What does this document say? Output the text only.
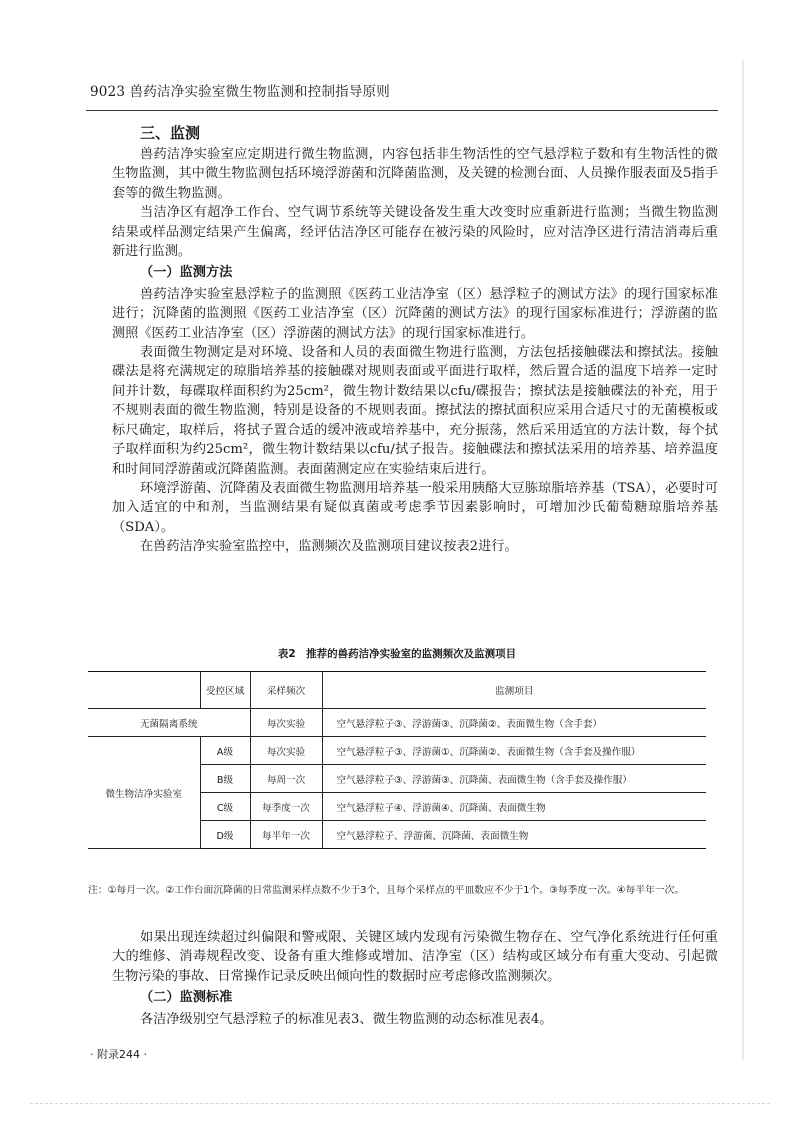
9023 兽药洁净实验室微生物监测和控制指导原则
三、监测

兽药洁净实验室应定期进行微生物监测，内容包括非生物活性的空气悬浮粒子数和有生物活性的微生物监测，其中微生物监测包括环境浮游菌和沉降菌监测，及关键的检测台面、人员操作服表面及5指手套等的微生物监测。

当洁净区有超净工作台、空气调节系统等关键设备发生重大改变时应重新进行监测；当微生物监测结果或样品测定结果产生偏离，经评估洁净区可能存在被污染的风险时，应对洁净区进行清洁消毒后重新进行监测。

（一）监测方法

兽药洁净实验室悬浮粒子的监测照《医药工业洁净室（区）悬浮粒子的测试方法》的现行国家标准进行；沉降菌的监测照《医药工业洁净室（区）沉降菌的测试方法》的现行国家标准进行；浮游菌的监测照《医药工业洁净室（区）浮游菌的测试方法》的现行国家标准进行。

表面微生物测定是对环境、设备和人员的表面微生物进行监测，方法包括接触碟法和擦拭法。接触碟法是将充满规定的琼脂培养基的接触碟对规则表面或平面进行取样，然后置合适的温度下培养一定时间并计数，每碟取样面积约为25cm²，微生物计数结果以cfu/碟报告；擦拭法是接触碟法的补充，用于不规则表面的微生物监测，特别是设备的不规则表面。擦拭法的擦拭面积应采用合适尺寸的无菌模板或标尺确定，取样后，将拭子置合适的缓冲液或培养基中，充分振荡，然后采用适宜的方法计数，每个拭子取样面积为约25cm²，微生物计数结果以cfu/拭子报告。接触碟法和擦拭法采用的培养基、培养温度和时间同浮游菌或沉降菌监测。表面菌测定应在实验结束后进行。

环境浮游菌、沉降菌及表面微生物监测用培养基一般采用胰酪大豆胨琼脂培养基（TSA），必要时可加入适宜的中和剂，当监测结果有疑似真菌或考虑季节因素影响时，可增加沙氏葡萄糖琼脂培养基（SDA）。

在兽药洁净实验室监控中，监测频次及监测项目建议按表2进行。

表2　推荐的兽药洁净实验室的监测频次及监测项目
	受控区域	采样频次	监测项目
无菌隔离系统		每次实验	空气悬浮粒子③、浮游菌③、沉降菌②、表面微生物（含手套）
微生物洁净实验室	A级	每次实验	空气悬浮粒子③、浮游菌①、沉降菌②、表面微生物（含手套及操作服）
	B级	每周一次	空气悬浮粒子③、浮游菌③、沉降菌、表面微生物（含手套及操作服）
	C级	每季度一次	空气悬浮粒子④、浮游菌④、沉降菌、表面微生物
	D级	每半年一次	空气悬浮粒子、浮游菌、沉降菌、表面微生物
注：①每月一次。②工作台面沉降菌的日常监测采样点数不少于3个，且每个采样点的平皿数应不少于1个。③每季度一次。④每半年一次。

如果出现连续超过纠偏限和警戒限、关键区域内发现有污染微生物存在、空气净化系统进行任何重大的维修、消毒规程改变、设备有重大维修或增加、洁净室（区）结构或区域分布有重大变动、引起微生物污染的事故、日常操作记录反映出倾向性的数据时应考虑修改监测频次。

（二）监测标准

各洁净级别空气悬浮粒子的标准见表3、微生物监测的动态标准见表4。

· 附录244 ·
